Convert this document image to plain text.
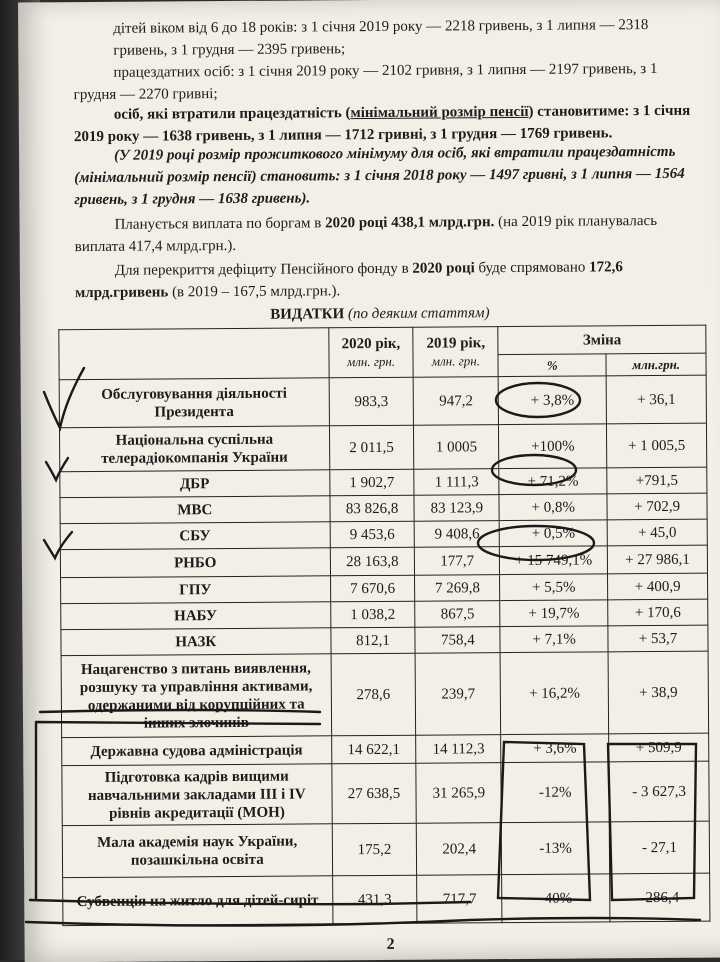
дітей віком від 6 до 18 років: з 1 січня 2019 року — 2218 гривень, з 1 липня — 2318 гривень, з 1 грудня — 2395 гривень;
працездатних осіб: з 1 січня 2019 року — 2102 гривня, з 1 липня — 2197 гривень, з 1 грудня — 2270 гривні;
осіб, які втратили працездатність (мінімальний розмір пенсії) становитиме: з 1 січня 2019 року — 1638 гривень, з 1 липня — 1712 гривні, з 1 грудня — 1769 гривень.
(У 2019 році розмір прожиткового мінімуму для осіб, які втратили працездатність (мінімальний розмір пенсії) становить: з 1 січня 2018 року — 1497 гривні, з 1 липня — 1564 гривень, з 1 грудня — 1638 гривень).
Планується виплата по боргам в 2020 році 438,1 млрд.грн. (на 2019 рік планувалась виплата 417,4 млрд.грн.).
Для перекриття дефіциту Пенсійного фонду в 2020 році буде спрямовано 172,6 млрд.гривень (в 2019 – 167,5 млрд.грн.).
ВИДАТКИ (по деяким статтям)
	2020 рік,
млн. грн.	2019 рік,
млн. грн.	Зміна	
			%	млн.грн.
Обслуговування діяльності Президента	983,3	947,2	+ 3,8%	+ 36,1
Національна суспільна телерадіокомпанія України	2 011,5	1 0005	+100%	+ 1 005,5
ДБР	1 902,7	1 111,3	+ 71,2%	+791,5
МВС	83 826,8	83 123,9	+ 0,8%	+ 702,9
СБУ	9 453,6	9 408,6	+ 0,5%	+ 45,0
РНБО	28 163,8	177,7	+ 15 749,1%	+ 27 986,1
ГПУ	7 670,6	7 269,8	+ 5,5%	+ 400,9
НАБУ	1 038,2	867,5	+ 19,7%	+ 170,6
НАЗК	812,1	758,4	+ 7,1%	+ 53,7
Нацагенство з питань виявлення, розшуку та управління активами, одержаними від корупційних та інших злочинів	278,6	239,7	+ 16,2%	+ 38,9
Державна судова адміністрація	14 622,1	14 112,3	+ 3,6%	+ 509,9
Підготовка кадрів вищими навчальними закладами ІІІ і IV рівнів акредитації (МОН)	27 638,5	31 265,9	-12%	- 3 627,3
Мала академія наук України, позашкільна освіта	175,2	202,4	-13%	- 27,1
Субвенція на житло для дітей-сиріт	431,3	717,7	-40%	-286,4
2
